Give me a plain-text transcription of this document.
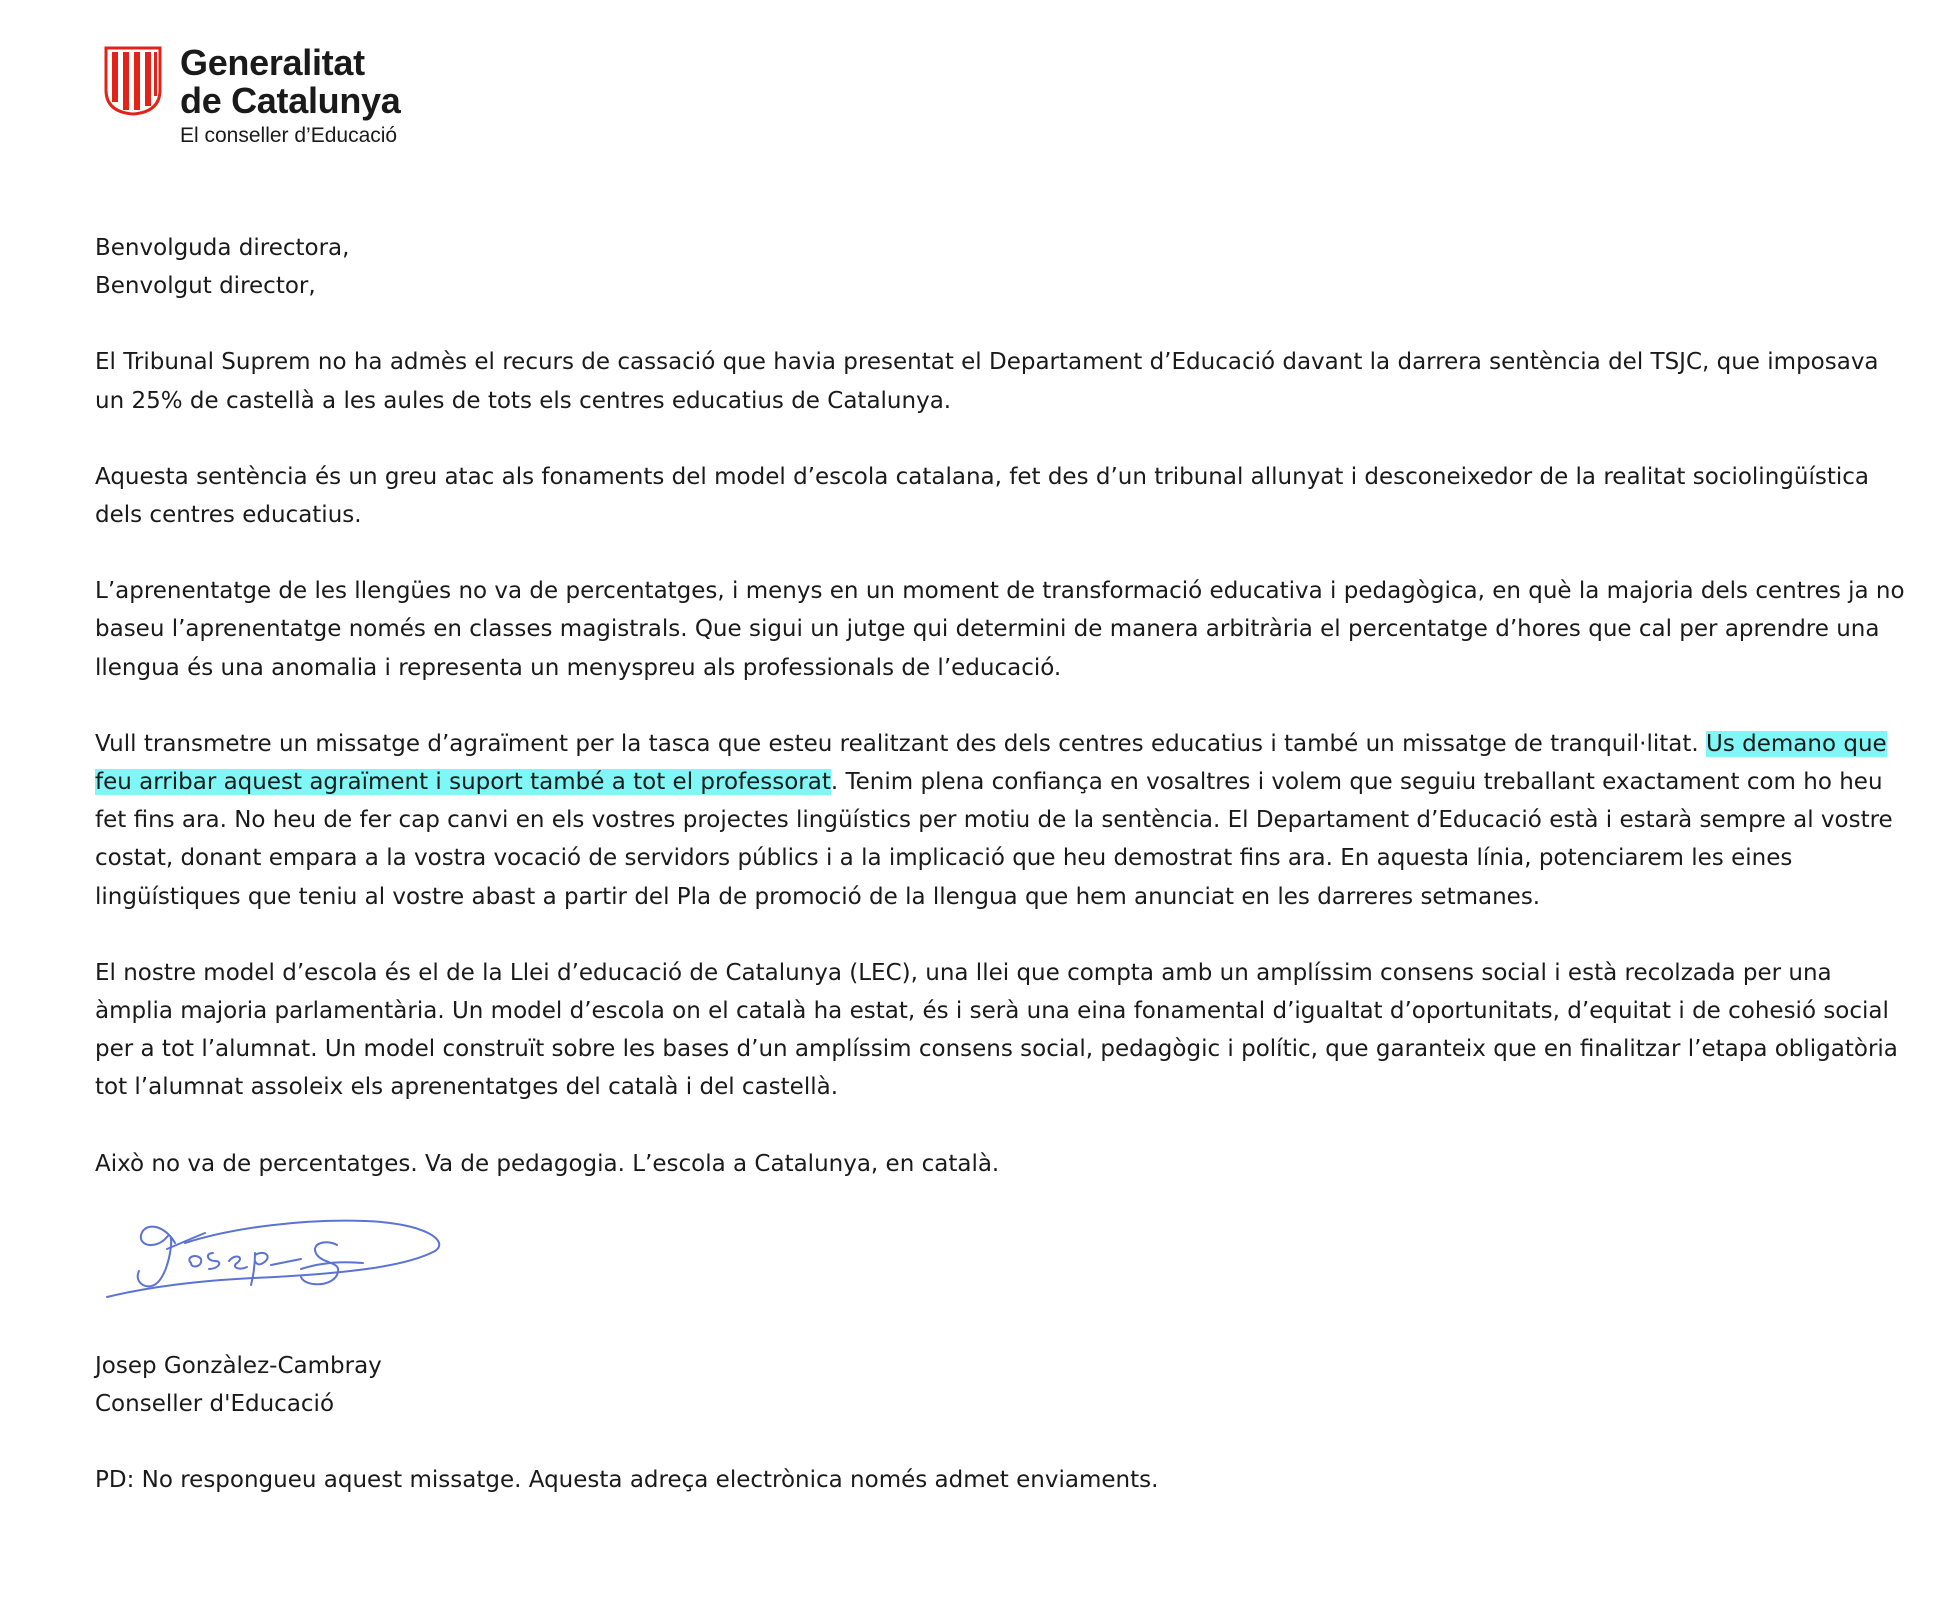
Generalitat
de Catalunya
El conseller d’Educació

Benvolguda directora,

Benvolgut director,

El Tribunal Suprem no ha admès el recurs de cassació que havia presentat el Departament d’Educació davant la darrera sentència del TSJC, que imposava un 25% de castellà a les aules de tots els centres educatius de Catalunya.

Aquesta sentència és un greu atac als fonaments del model d’escola catalana, fet des d’un tribunal allunyat i desconeixedor de la realitat sociolingüística dels centres educatius.

L’aprenentatge de les llengües no va de percentatges, i menys en un moment de transformació educativa i pedagògica, en què la majoria dels centres ja no baseu l’aprenentatge només en classes magistrals. Que sigui un jutge qui determini de manera arbitrària el percentatge d’hores que cal per aprendre una llengua és una anomalia i representa un menyspreu als professionals de l’educació.

Vull transmetre un missatge d’agraïment per la tasca que esteu realitzant des dels centres educatius i també un missatge de tranquil·litat. Us demano que feu arribar aquest agraïment i suport també a tot el professorat. Tenim plena confiança en vosaltres i volem que seguiu treballant exactament com ho heu fet fins ara. No heu de fer cap canvi en els vostres projectes lingüístics per motiu de la sentència. El Departament d’Educació està i estarà sempre al vostre costat, donant empara a la vostra vocació de servidors públics i a la implicació que heu demostrat fins ara. En aquesta línia, potenciarem les eines lingüístiques que teniu al vostre abast a partir del Pla de promoció de la llengua que hem anunciat en les darreres setmanes.

El nostre model d’escola és el de la Llei d’educació de Catalunya (LEC), una llei que compta amb un amplíssim consens social i està recolzada per una àmplia majoria parlamentària. Un model d’escola on el català ha estat, és i serà una eina fonamental d’igualtat d’oportunitats, d’equitat i de cohesió social per a tot l’alumnat. Un model construït sobre les bases d’un amplíssim consens social, pedagògic i polític, que garanteix que en finalitzar l’etapa obligatòria tot l’alumnat assoleix els aprenentatges del català i del castellà.

Això no va de percentatges. Va de pedagogia. L’escola a Catalunya, en català.

Josep Gonzàlez-Cambray

Conseller d'Educació

PD: No respongueu aquest missatge. Aquesta adreça electrònica només admet enviaments.
